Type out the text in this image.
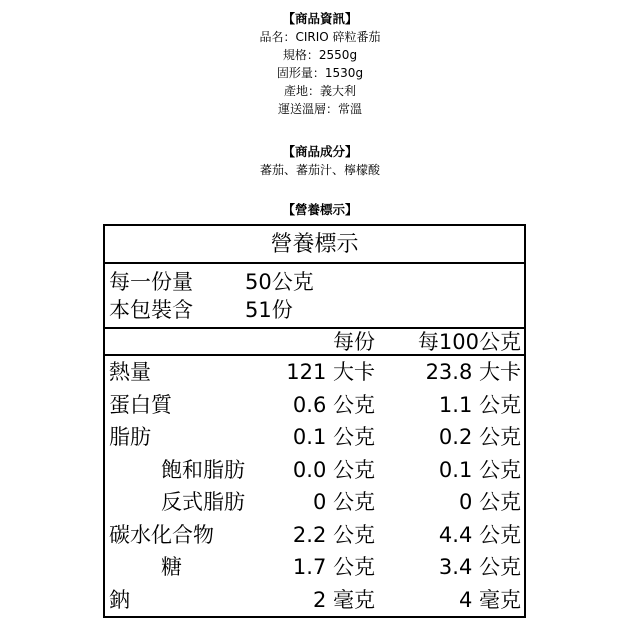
【商品資訊】
品名：CIRIO 碎粒番茄
規格：2550g
固形量：1530g
產地：義大利
運送溫層：常溫
【商品成分】
蕃茄、蕃茄汁、檸檬酸
【營養標示】
營養標示
每一份量 50公克
本包裝含 51份
每份 每100公克
熱量	121 大卡 23.8 大卡
蛋白質	0.6 公克	1.1 公克
脂肪	0.1 公克	0.2 公克
飽和脂肪 0.0 公克	0.1 公克
反式脂肪	0 公克	0 公克
碳水化合物	2.2 公克	4.4 公克
糖	1.7 公克	3.4 公克
鈉	2 毫克	4 毫克
